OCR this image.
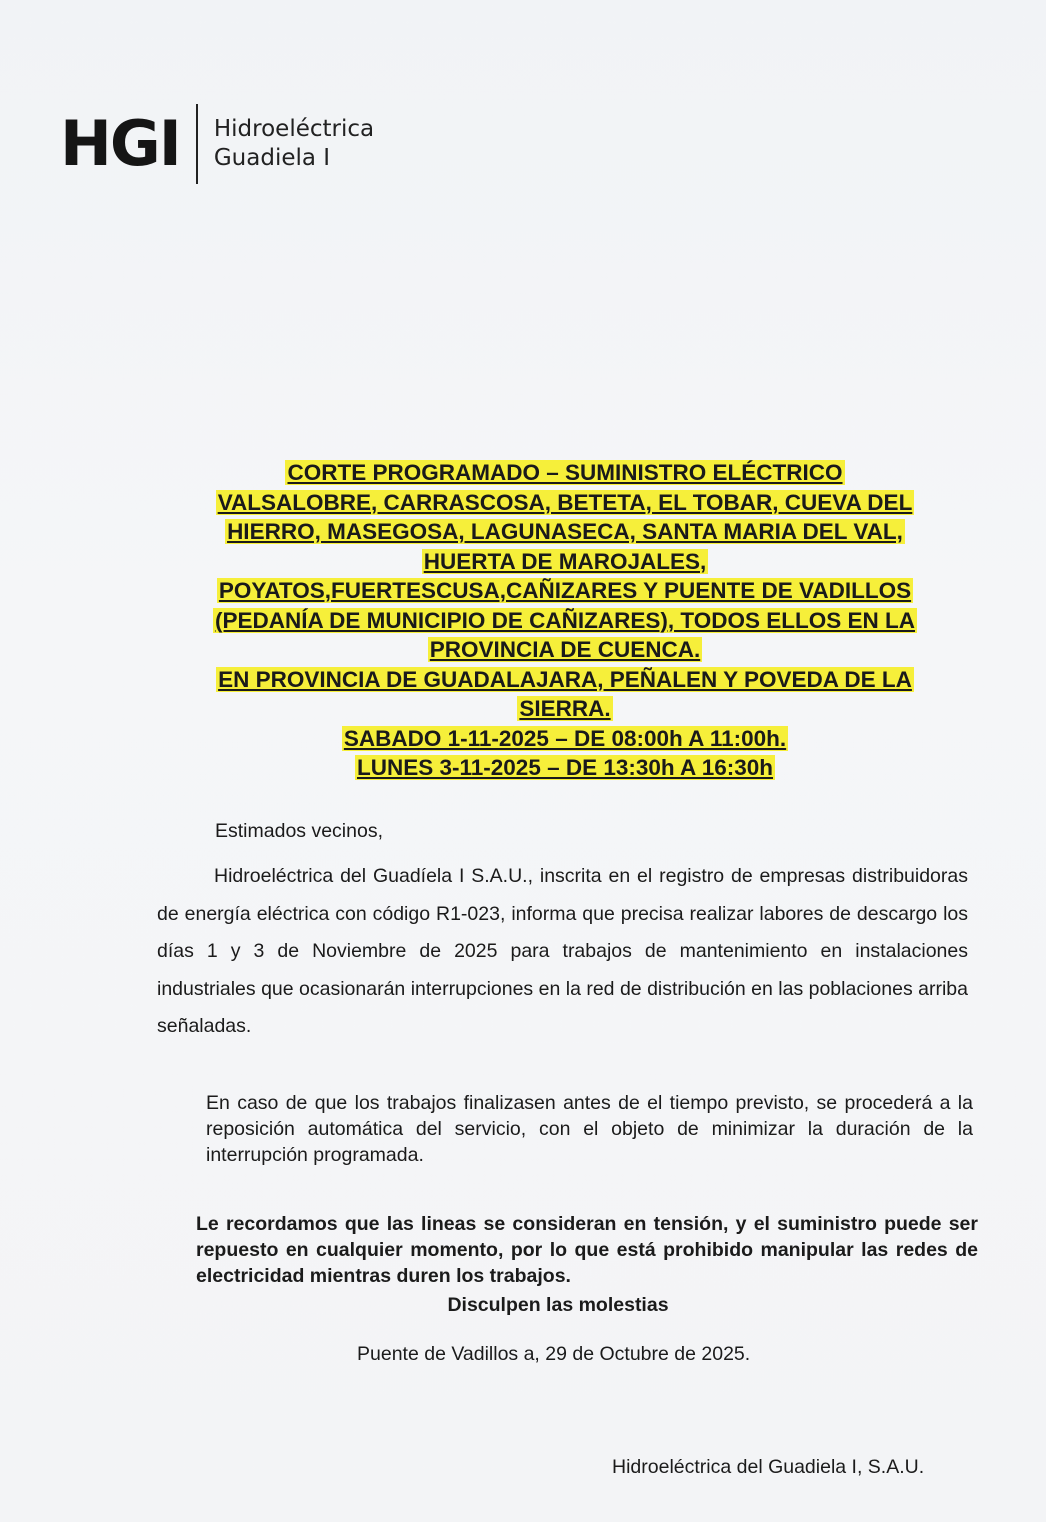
HGI Hidroeléctrica
Guadiela I
CORTE PROGRAMADO – SUMINISTRO ELÉCTRICO
VALSALOBRE, CARRASCOSA, BETETA, EL TOBAR, CUEVA DEL
HIERRO, MASEGOSA, LAGUNASECA, SANTA MARIA DEL VAL,
HUERTA DE MAROJALES,
POYATOS,FUERTESCUSA,CAÑIZARES Y PUENTE DE VADILLOS
(PEDANÍA DE MUNICIPIO DE CAÑIZARES), TODOS ELLOS EN LA
PROVINCIA DE CUENCA.
EN PROVINCIA DE GUADALAJARA, PEÑALEN Y POVEDA DE LA
SIERRA.
SABADO 1-11-2025 – DE 08:00h A 11:00h.
LUNES 3-11-2025 – DE 13:30h A 16:30h
Estimados vecinos,
Hidroeléctrica del Guadíela I S.A.U., inscrita en el registro de empresas distribuidoras de energía eléctrica con código R1-023, informa que precisa realizar labores de descargo los días 1 y 3 de Noviembre de 2025 para trabajos de mantenimiento en instalaciones industriales que ocasionarán interrupciones en la red de distribución en las poblaciones arriba señaladas.
En caso de que los trabajos finalizasen antes de el tiempo previsto, se procederá a la reposición automática del servicio, con el objeto de minimizar la duración de la interrupción programada.
Le recordamos que las lineas se consideran en tensión, y el suministro puede ser repuesto en cualquier momento, por lo que está prohibido manipular las redes de electricidad mientras duren los trabajos.
Disculpen las molestias
Puente de Vadillos a, 29 de Octubre de 2025.
Hidroeléctrica del Guadiela I, S.A.U.
